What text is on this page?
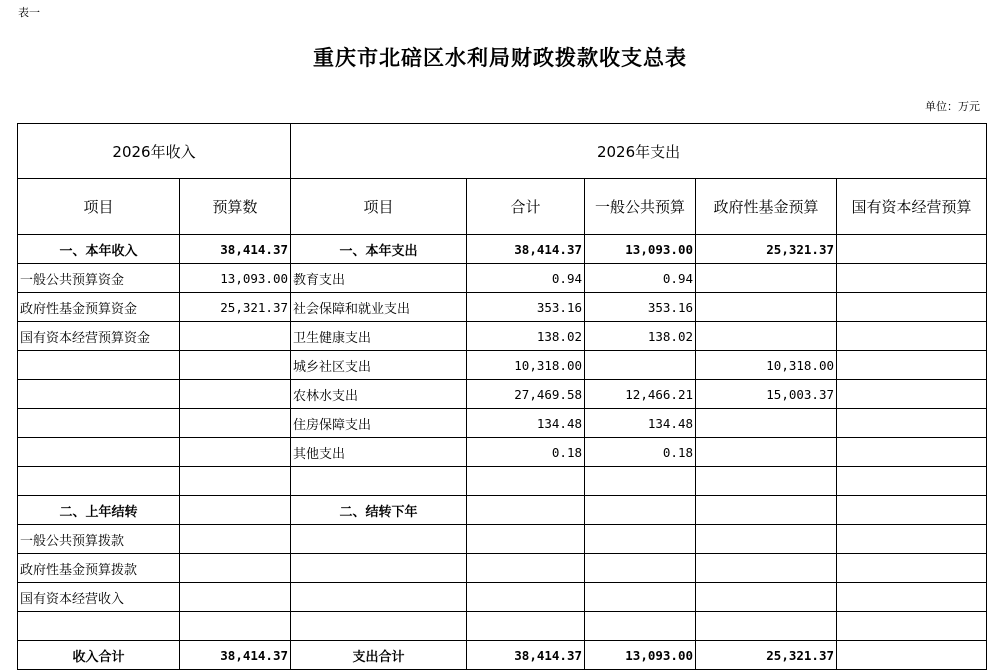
表一
重庆市北碚区水利局财政拨款收支总表
单位：万元
2026年收入		2026年支出				
项目	预算数	项目	合计	一般公共预算	政府性基金预算	国有资本经营预算
一、本年收入	38,414.37	一、本年支出	38,414.37	13,093.00	25,321.37	
一般公共预算资金	13,093.00	教育支出	0.94	0.94		
政府性基金预算资金	25,321.37	社会保障和就业支出	353.16	353.16		
国有资本经营预算资金		卫生健康支出	138.02	138.02		
		城乡社区支出	10,318.00		10,318.00	
		农林水支出	27,469.58	12,466.21	15,003.37	
		住房保障支出	134.48	134.48		
		其他支出	0.18	0.18		

二、上年结转		二、结转下年				
一般公共预算拨款						
政府性基金预算拨款						
国有资本经营收入						

收入合计	38,414.37	支出合计	38,414.37	13,093.00	25,321.37	
